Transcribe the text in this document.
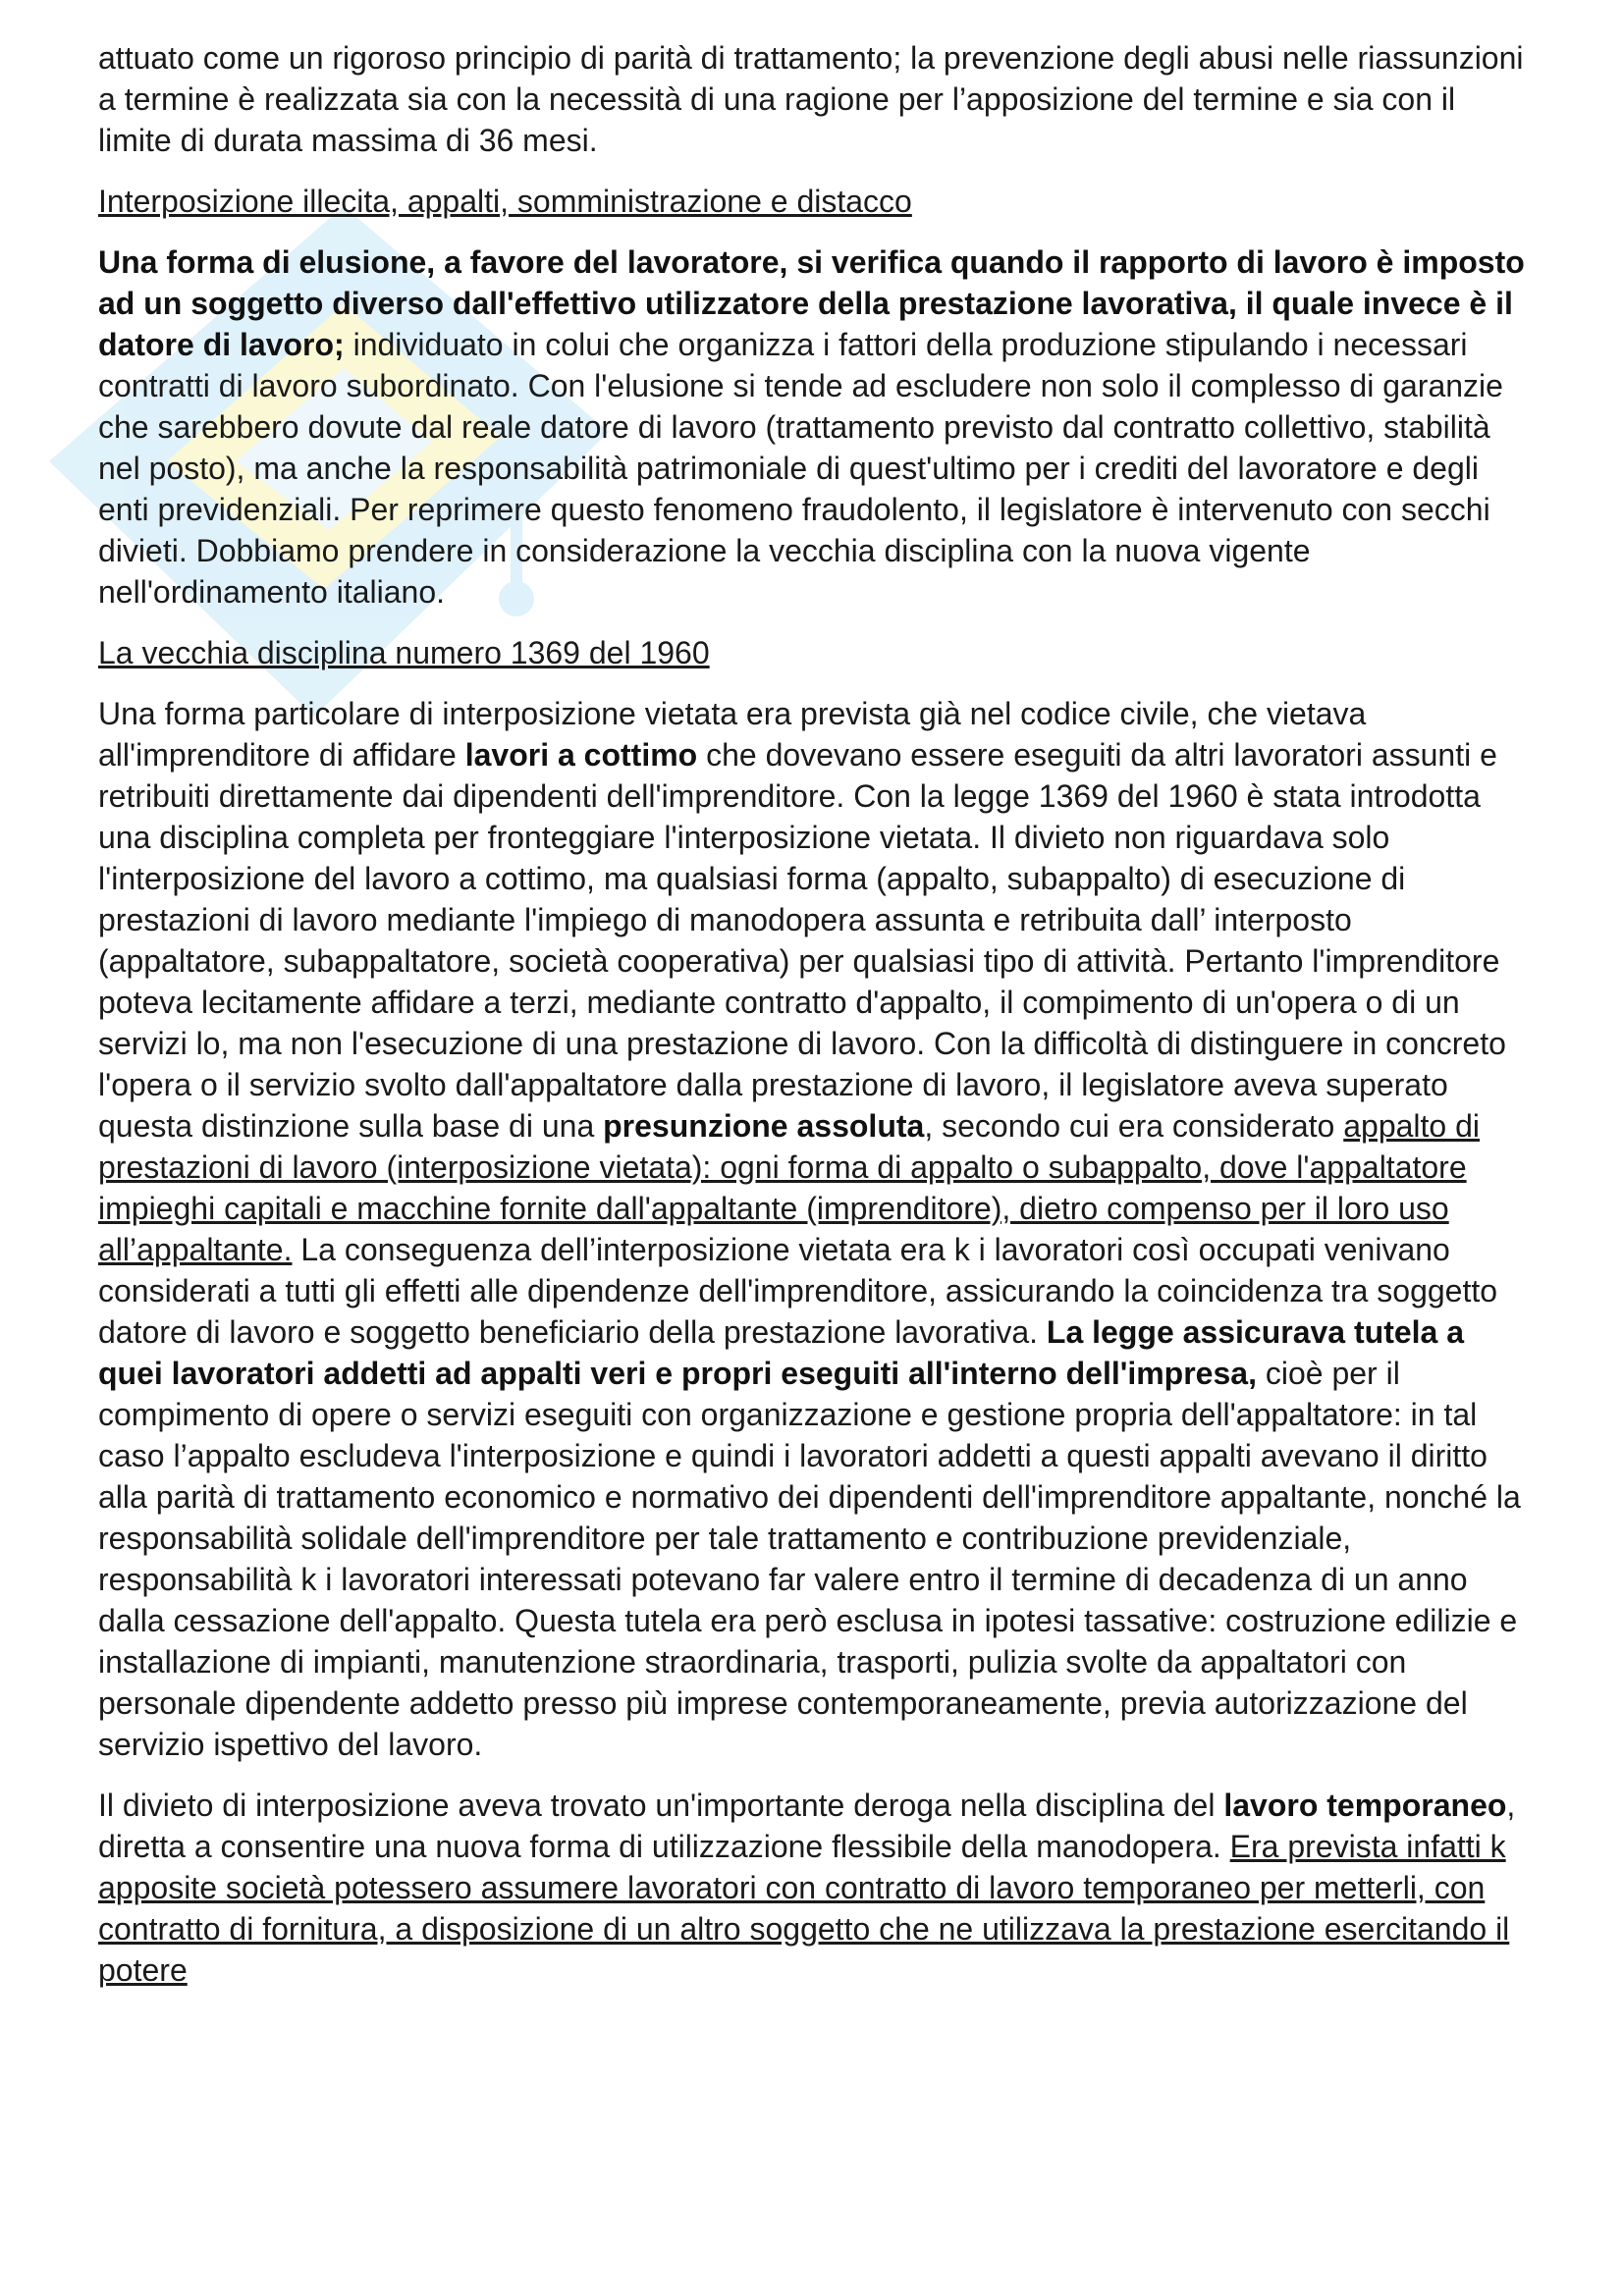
attuato come un rigoroso principio di parità di trattamento; la prevenzione degli abusi nelle riassunzioni a termine è realizzata sia con la necessità di una ragione per l’apposizione del termine e sia con il limite di durata massima di 36 mesi.

Interposizione illecita, appalti, somministrazione e distacco

Una forma di elusione, a favore del lavoratore, si verifica quando il rapporto di lavoro è imposto ad un soggetto diverso dall'effettivo utilizzatore della prestazione lavorativa, il quale invece è il datore di lavoro; individuato in colui che organizza i fattori della produzione stipulando i necessari contratti di lavoro subordinato. Con l'elusione si tende ad escludere non solo il complesso di garanzie che sarebbero dovute dal reale datore di lavoro (trattamento previsto dal contratto collettivo, stabilità nel posto), ma anche la responsabilità patrimoniale di quest'ultimo per i crediti del lavoratore e degli enti previdenziali. Per reprimere questo fenomeno fraudolento, il legislatore è intervenuto con secchi divieti. Dobbiamo prendere in considerazione la vecchia disciplina con la nuova vigente nell'ordinamento italiano.

La vecchia disciplina numero 1369 del 1960

Una forma particolare di interposizione vietata era prevista già nel codice civile, che vietava all'imprenditore di affidare lavori a cottimo che dovevano essere eseguiti da altri lavoratori assunti e retribuiti direttamente dai dipendenti dell'imprenditore. Con la legge 1369 del 1960 è stata introdotta una disciplina completa per fronteggiare l'interposizione vietata. Il divieto non riguardava solo l'interposizione del lavoro a cottimo, ma qualsiasi forma (appalto, subappalto) di esecuzione di prestazioni di lavoro mediante l'impiego di manodopera assunta e retribuita dall’ interposto (appaltatore, subappaltatore, società cooperativa) per qualsiasi tipo di attività. Pertanto l'imprenditore poteva lecitamente affidare a terzi, mediante contratto d'appalto, il compimento di un'opera o di un servizi lo, ma non l'esecuzione di una prestazione di lavoro. Con la difficoltà di distinguere in concreto l'opera o il servizio svolto dall'appaltatore dalla prestazione di lavoro, il legislatore aveva superato questa distinzione sulla base di una presunzione assoluta, secondo cui era considerato appalto di prestazioni di lavoro (interposizione vietata): ogni forma di appalto o subappalto, dove l'appaltatore impieghi capitali e macchine fornite dall'appaltante (imprenditore), dietro compenso per il loro uso all’appaltante. La conseguenza dell’interposizione vietata era k i lavoratori così occupati venivano considerati a tutti gli effetti alle dipendenze dell'imprenditore, assicurando la coincidenza tra soggetto datore di lavoro e soggetto beneficiario della prestazione lavorativa. La legge assicurava tutela a quei lavoratori addetti ad appalti veri e propri eseguiti all'interno dell'impresa, cioè per il compimento di opere o servizi eseguiti con organizzazione e gestione propria dell'appaltatore: in tal caso l’appalto escludeva l'interposizione e quindi i lavoratori addetti a questi appalti avevano il diritto alla parità di trattamento economico e normativo dei dipendenti dell'imprenditore appaltante, nonché la responsabilità solidale dell'imprenditore per tale trattamento e contribuzione previdenziale, responsabilità k i lavoratori interessati potevano far valere entro il termine di decadenza di un anno dalla cessazione dell'appalto. Questa tutela era però esclusa in ipotesi tassative: costruzione edilizie e installazione di impianti, manutenzione straordinaria, trasporti, pulizia svolte da appaltatori con personale dipendente addetto presso più imprese contemporaneamente, previa autorizzazione del servizio ispettivo del lavoro.

Il divieto di interposizione aveva trovato un'importante deroga nella disciplina del lavoro temporaneo, diretta a consentire una nuova forma di utilizzazione flessibile della manodopera. Era prevista infatti k apposite società potessero assumere lavoratori con contratto di lavoro temporaneo per metterli, con contratto di fornitura, a disposizione di un altro soggetto che ne utilizzava la prestazione esercitando il potere
